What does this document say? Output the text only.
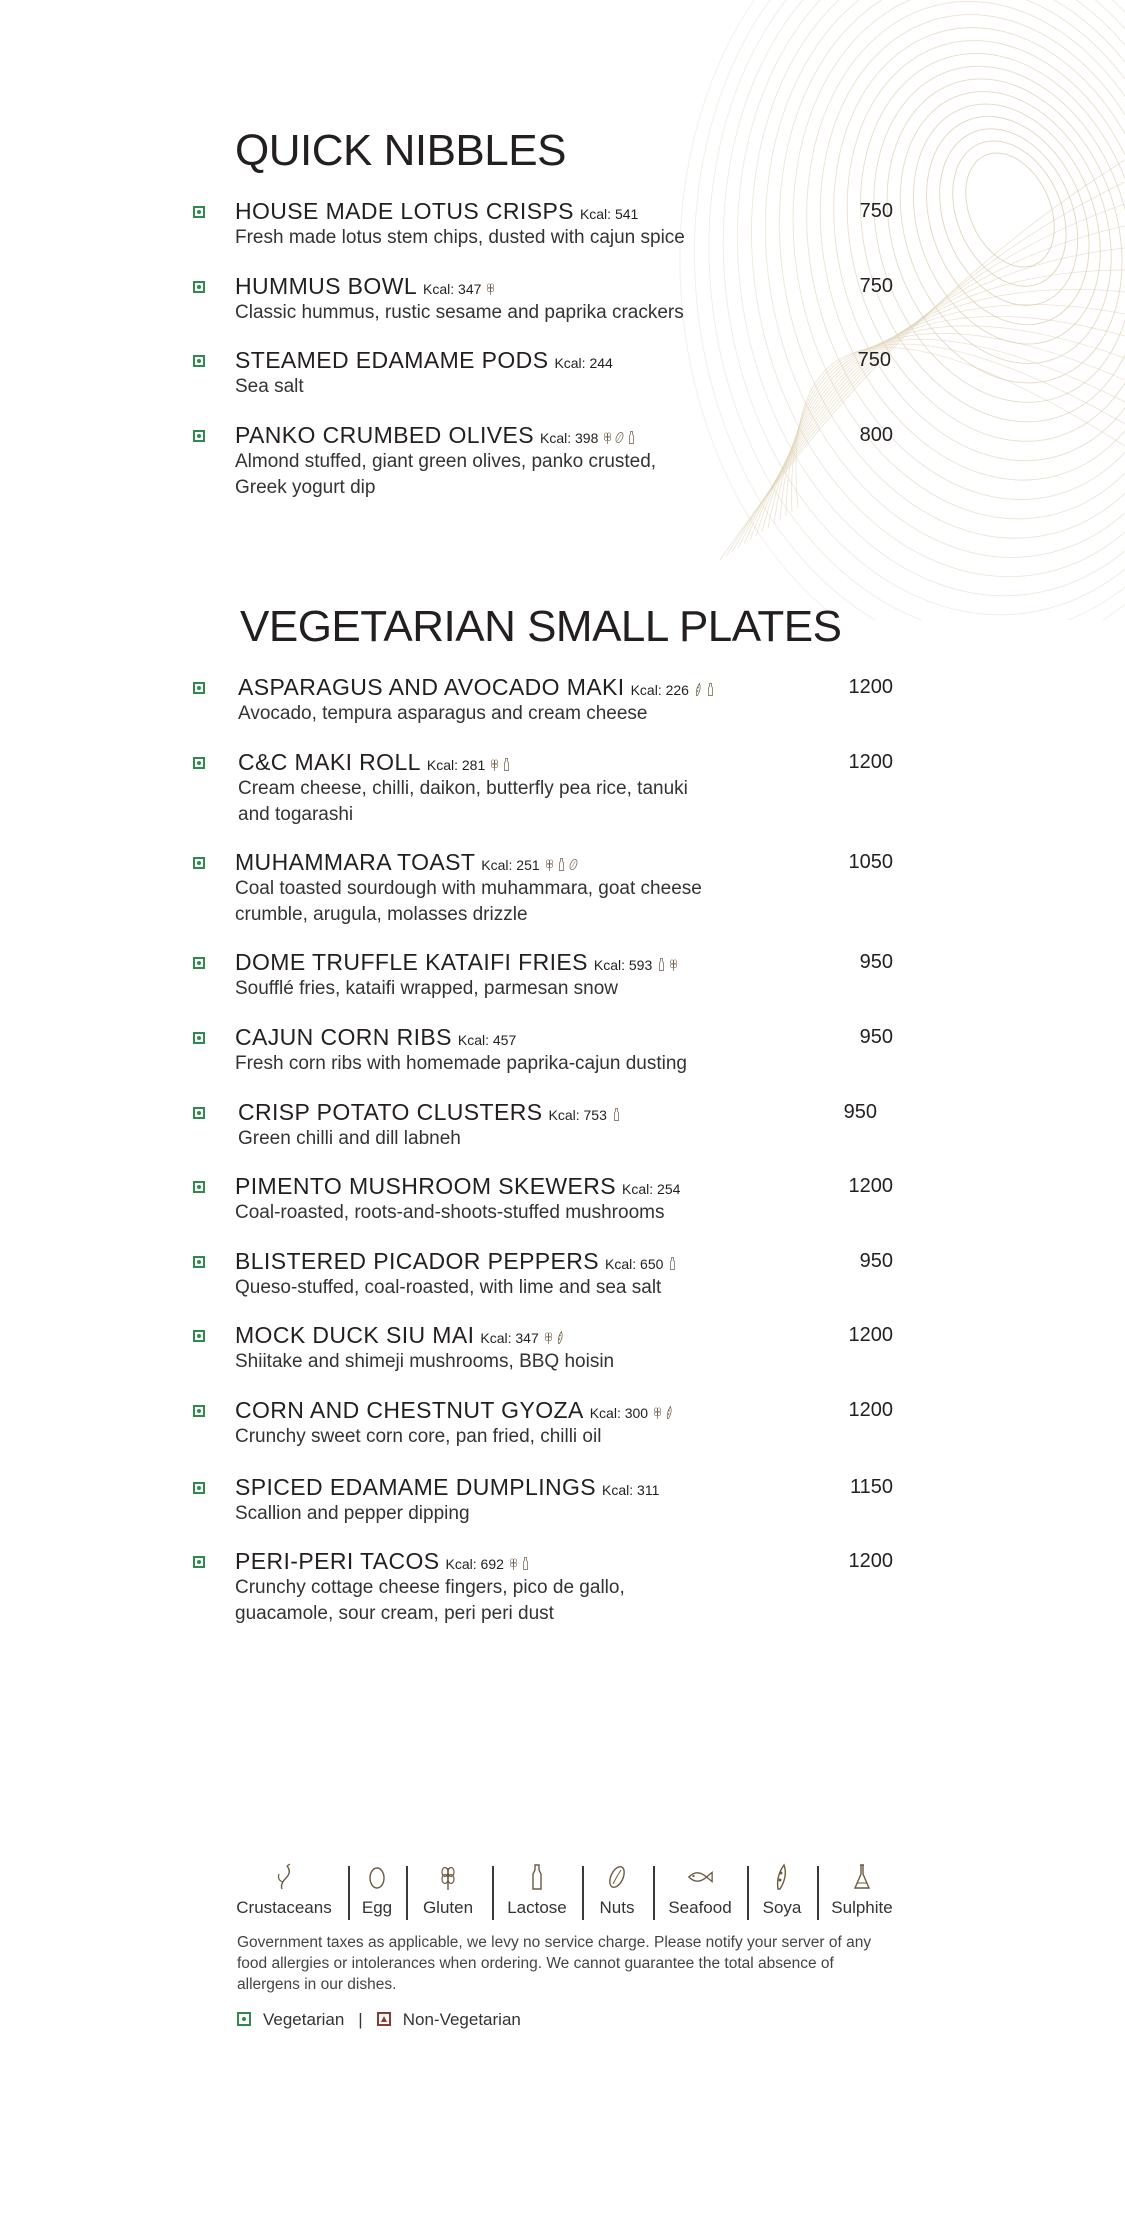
QUICK NIBBLES
VEGETARIAN SMALL PLATES
HOUSE MADE LOTUS CRISPS Kcal: 541
Fresh made lotus stem chips, dusted with cajun spice
750
HUMMUS BOWL Kcal: 347
Classic hummus, rustic sesame and paprika crackers
750
STEAMED EDAMAME PODS Kcal: 244
Sea salt
750
PANKO CRUMBED OLIVES Kcal: 398
Almond stuffed, giant green olives, panko crusted,
Greek yogurt dip
800
ASPARAGUS AND AVOCADO MAKI Kcal: 226
Avocado, tempura asparagus and cream cheese
1200
C&C MAKI ROLL Kcal: 281
Cream cheese, chilli, daikon, butterfly pea rice, tanuki
and togarashi
1200
MUHAMMARA TOAST Kcal: 251
Coal toasted sourdough with muhammara, goat cheese
crumble, arugula, molasses drizzle
1050
DOME TRUFFLE KATAIFI FRIES Kcal: 593
Soufflé fries, kataifi wrapped, parmesan snow
950
CAJUN CORN RIBS Kcal: 457
Fresh corn ribs with homemade paprika-cajun dusting
950
CRISP POTATO CLUSTERS Kcal: 753
Green chilli and dill labneh
950
PIMENTO MUSHROOM SKEWERS Kcal: 254
Coal-roasted, roots-and-shoots-stuffed mushrooms
1200
BLISTERED PICADOR PEPPERS Kcal: 650
Queso-stuffed, coal-roasted, with lime and sea salt
950
MOCK DUCK SIU MAI Kcal: 347
Shiitake and shimeji mushrooms, BBQ hoisin
1200
CORN AND CHESTNUT GYOZA Kcal: 300
Crunchy sweet corn core, pan fried, chilli oil
1200
SPICED EDAMAME DUMPLINGS Kcal: 311
Scallion and pepper dipping
1150
PERI-PERI TACOS Kcal: 692
Crunchy cottage cheese fingers, pico de gallo,
guacamole, sour cream, peri peri dust
1200
Crustaceans	Egg	Gluten	Lactose	Nuts	Seafood	Soya	Sulphite
Government taxes as applicable, we levy no service charge. Please notify your server of any food allergies or intolerances when ordering. We cannot guarantee the total absence of allergens in our dishes.
Vegetarian | Non-Vegetarian
